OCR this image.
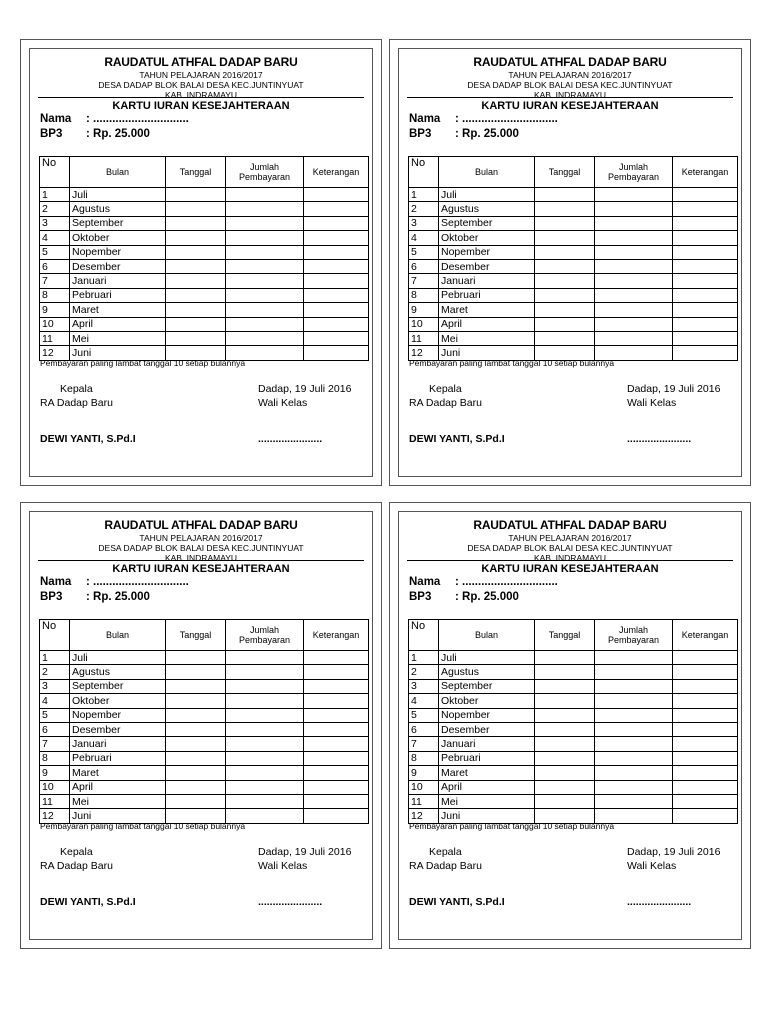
RAUDATUL ATHFAL DADAP BARU
TAHUN PELAJARAN 2016/2017
DESA DADAP BLOK BALAI DESA KEC.JUNTINYUAT
KAB. INDRAMAYU
KARTU IURAN KESEJAHTERAAN
Nama : ..............................
BP3 : Rp. 25.000
No	Bulan	Tanggal	Jumlah Pembayaran	Keterangan
1	Juli			
2	Agustus			
3	September			
4	Oktober			
5	Nopember			
6	Desember			
7	Januari			
8	Pebruari			
9	Maret			
10	April			
11	Mei			
12	Juni			
Pembayaran paling lambat tanggal 10 setiap bulannya
Kepala
RA Dadap Baru
Dadap, 19 Juli 2016
Wali Kelas
DEWI YANTI, S.Pd.I	......................
RAUDATUL ATHFAL DADAP BARU
TAHUN PELAJARAN 2016/2017
DESA DADAP BLOK BALAI DESA KEC.JUNTINYUAT
KAB. INDRAMAYU
KARTU IURAN KESEJAHTERAAN
Nama : ..............................
BP3 : Rp. 25.000
No	Bulan	Tanggal	Jumlah Pembayaran	Keterangan
1	Juli			
2	Agustus			
3	September			
4	Oktober			
5	Nopember			
6	Desember			
7	Januari			
8	Pebruari			
9	Maret			
10	April			
11	Mei			
12	Juni			
Pembayaran paling lambat tanggal 10 setiap bulannya
Kepala
RA Dadap Baru
Dadap, 19 Juli 2016
Wali Kelas
DEWI YANTI, S.Pd.I	......................
RAUDATUL ATHFAL DADAP BARU
TAHUN PELAJARAN 2016/2017
DESA DADAP BLOK BALAI DESA KEC.JUNTINYUAT
KAB. INDRAMAYU
KARTU IURAN KESEJAHTERAAN
Nama : ..............................
BP3 : Rp. 25.000
No	Bulan	Tanggal	Jumlah Pembayaran	Keterangan
1	Juli			
2	Agustus			
3	September			
4	Oktober			
5	Nopember			
6	Desember			
7	Januari			
8	Pebruari			
9	Maret			
10	April			
11	Mei			
12	Juni			
Pembayaran paling lambat tanggal 10 setiap bulannya
Kepala
RA Dadap Baru
Dadap, 19 Juli 2016
Wali Kelas
DEWI YANTI, S.Pd.I	......................
RAUDATUL ATHFAL DADAP BARU
TAHUN PELAJARAN 2016/2017
DESA DADAP BLOK BALAI DESA KEC.JUNTINYUAT
KAB. INDRAMAYU
KARTU IURAN KESEJAHTERAAN
Nama : ..............................
BP3 : Rp. 25.000
No	Bulan	Tanggal	Jumlah Pembayaran	Keterangan
1	Juli			
2	Agustus			
3	September			
4	Oktober			
5	Nopember			
6	Desember			
7	Januari			
8	Pebruari			
9	Maret			
10	April			
11	Mei			
12	Juni			
Pembayaran paling lambat tanggal 10 setiap bulannya
Kepala
RA Dadap Baru
Dadap, 19 Juli 2016
Wali Kelas
DEWI YANTI, S.Pd.I	......................
